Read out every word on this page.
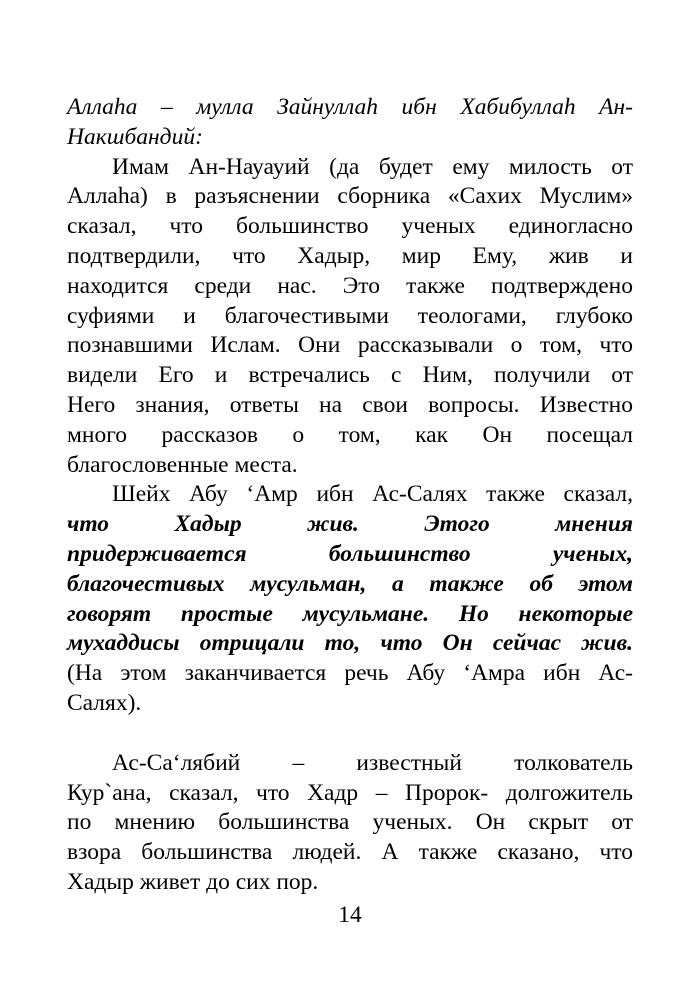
Аллаhа – мулла Зайнуллаh ибн Хабибуллаh Ан-
Накшбандий:
Имам Ан-Науауий (да будет ему милость от
Аллаhа) в разъяснении сборника «Сахих Муслим»
сказал, что большинство ученых единогласно
подтвердили, что Хадыр, мир Ему, жив и
находится среди нас. Это также подтверждено
суфиями и благочестивыми теологами, глубоко
познавшими Ислам. Они рассказывали о том, что
видели Его и встречались с Ним, получили от
Него знания, ответы на свои вопросы. Известно
много рассказов о том, как Он посещал
благословенные места.
Шейх Абу ‘Амр ибн Ас-Салях также сказал,
что Хадыр жив. Этого мнения
придерживается большинство ученых,
благочестивых мусульман, а также об этом
говорят простые мусульмане. Но некоторые
мухаддисы отрицали то, что Он сейчас жив.
(На этом заканчивается речь Абу ‘Амра ибн Ас-
Салях).
Ас-Са‘лябий – известный толкователь
Кур`ана, сказал, что Хадр – Пророк- долгожитель
по мнению большинства ученых. Он скрыт от
взора большинства людей. А также сказано, что
Хадыр живет до сих пор.
14
